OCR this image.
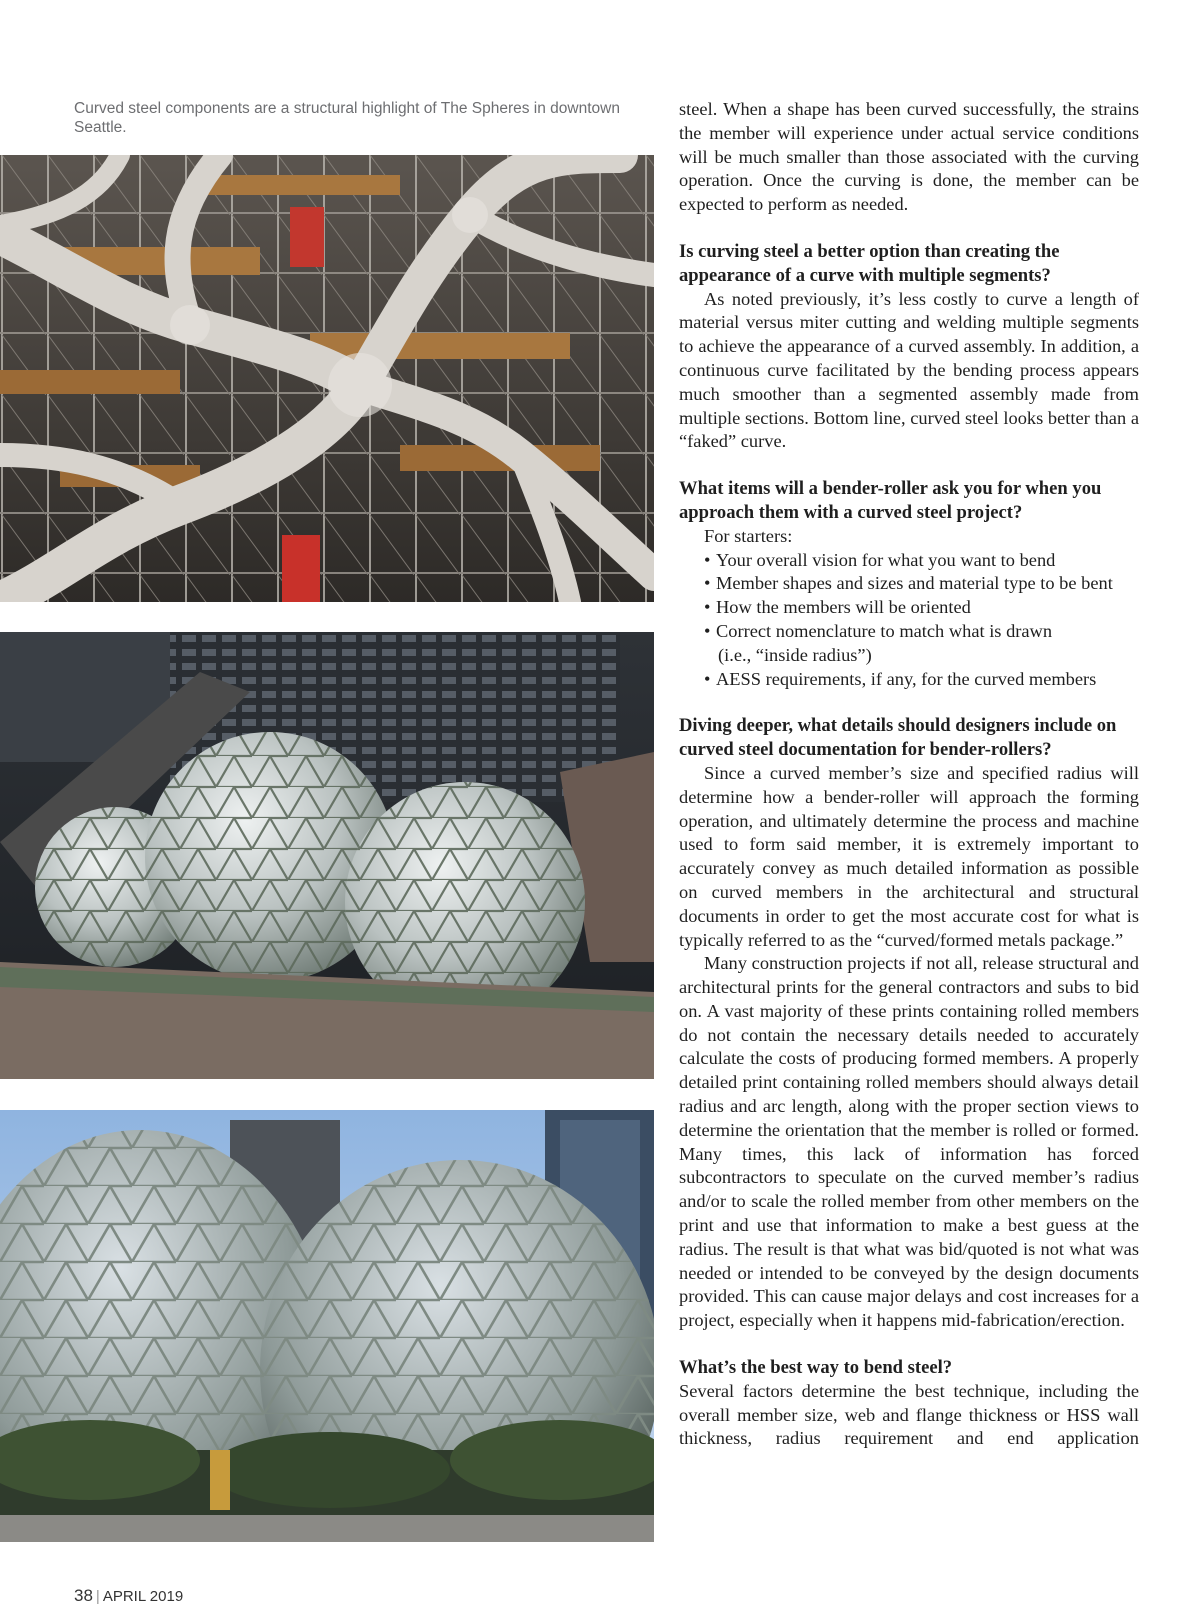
Curved steel components are a structural highlight of The Spheres in downtown Seattle.

steel. When a shape has been curved successfully, the strains the member will experience under actual service conditions will be much smaller than those associated with the curving operation. Once the curving is done, the member can be expected to perform as needed.

Is curving steel a better option than creating the appearance of a curve with multiple segments?

As noted previously, it’s less costly to curve a length of material versus miter cutting and welding multiple segments to achieve the appearance of a curved assembly. In addition, a continuous curve facilitated by the bending process appears much smoother than a segmented assembly made from multiple sections. Bottom line, curved steel looks better than a “faked” curve.

What items will a bender-roller ask you for when you approach them with a curved steel project?

For starters:

• Your overall vision for what you want to bend
• Member shapes and sizes and material type to be bent
• How the members will be oriented
• Correct nomenclature to match what is drawn
(i.e., “inside radius”)
• AESS requirements, if any, for the curved members
Diving deeper, what details should designers include on curved steel documentation for bender-rollers?

Since a curved member’s size and specified radius will determine how a bender-roller will approach the forming operation, and ultimately determine the process and machine used to form said member, it is extremely important to accurately convey as much detailed information as possible on curved members in the architectural and structural documents in order to get the most accurate cost for what is typically referred to as the “curved/formed metals package.”

Many construction projects if not all, release structural and architectural prints for the general contractors and subs to bid on. A vast majority of these prints containing rolled members do not contain the necessary details needed to accurately calculate the costs of producing formed members. A properly detailed print containing rolled members should always detail radius and arc length, along with the proper section views to determine the orientation that the member is rolled or formed. Many times, this lack of information has forced subcontractors to speculate on the curved member’s radius and/or to scale the rolled member from other members on the print and use that information to make a best guess at the radius. The result is that what was bid/quoted is not what was needed or intended to be conveyed by the design documents provided. This can cause major delays and cost increases for a project, especially when it happens mid-fabrication/erection.

What’s the best way to bend steel?

Several factors determine the best technique, including the overall member size, web and flange thickness or HSS wall thickness, radius requirement and end application

38 | APRIL 2019
